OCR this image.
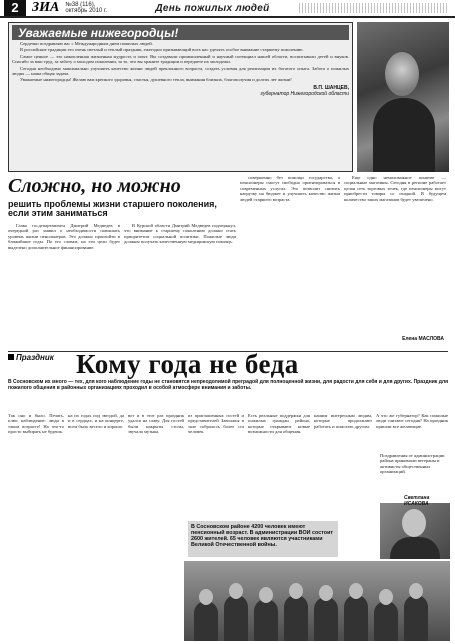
2 ЗИА №38 (116), октябрь 2010 г.	День пожилых людей
Уважаемые нижегородцы!

Сердечно поздравляю вас с Международным днем пожилых людей.

В российские традиции это очень светлый и теплый праздник, ежегодно призывающий всех нас уделять особое внимание старшему поколению.

Самое ценное — это накопленная жизненная мудрость и опыт. Вы создавали промышленный и научный потенциал нашей области, воспитывали детей и внуков. Спасибо за ваш труд, за заботу о молодом поколении, за то, что вы храните традиции и передаете их молодежи.

Сегодня необходимо максимально улучшить качество жизни людей преклонного возраста, создать условия для реализации их богатого опыта. Забота о пожилых людях — наша общая задача.

Уважаемые нижегородцы! Желаю вам крепкого здоровья, счастья, душевного тепла, внимания близких, благополучия и долгих лет жизни!

В.П. ШАНЦЕВ,
губернатор Нижегородской области
Сложно, но можно
решить проблемы жизни старшего поколения, если этим заниматься
Глава госдепартамента Дмитрий Медведев в очередной раз заявил о необходимости повышать уровень жизни пенсионеров. Это должно произойти в ближайшие годы. По его словам, на эти цели будет выделено дополнительное финансирование.
В Курской области Дмитрий Медведев подчеркнул, что внимание к старшему поколению должно стать приоритетом социальной политики. Пожилые люди должны получать качественную медицинскую помощь.
совершенно без помощи государства, а пенсионеры смогут свободно ориентироваться в современных услугах. Это позволит снизить нагрузку на бюджет и улучшить качество жизни людей старшего возраста.
Еще одно немаловажное понятие — социальные магазины. Сегодня в регионе работает целая сеть торговых точек, где пенсионеры могут приобрести товары со скидкой. В будущем количество таких магазинов будет увеличено.
Елена МАСЛОВА
Праздник Кому года не беда
В Сосновском их много — тех, для кого наблюдение годы не становятся непреодолимой преградой для полноценной жизни, для радости для себя и для других. Праздник для пожилого общения в районных организациях проходил в особой атмосфере внимания и заботы.
Так оно и было. Печать, плюс наблюдение: люди в таком возрасте! На что-то просто выбирать не будешь.
на их годах под звездой, да и в сердцах, и на концерте, всем было весело и хорошо.
вот и в этот раз праздник удался на славу. Для гостей были накрыты столы, звучала музыка.
из приглашенных гостей и представителей Заволжья в зале собралось более ста человек.
Есть реальные поддержки для пожилых граждан района, которые открывают новые возможности для общения.
нашим интересным людям, которые продолжают работать и помогать другим.
А что же губернатор? Как пожилые люди считают сегодня? На праздник пришли все желающие.
Поздравления от администрации района принимали ветераны и активисты общественных организаций.
Светлана ИСАКОВА
В Сосновском районе 4200 человек имеют пенсионный возраст. В администрации ВОИ состоит 2600 жителей. 65 человек являются участниками Великой Отечественной войны.
